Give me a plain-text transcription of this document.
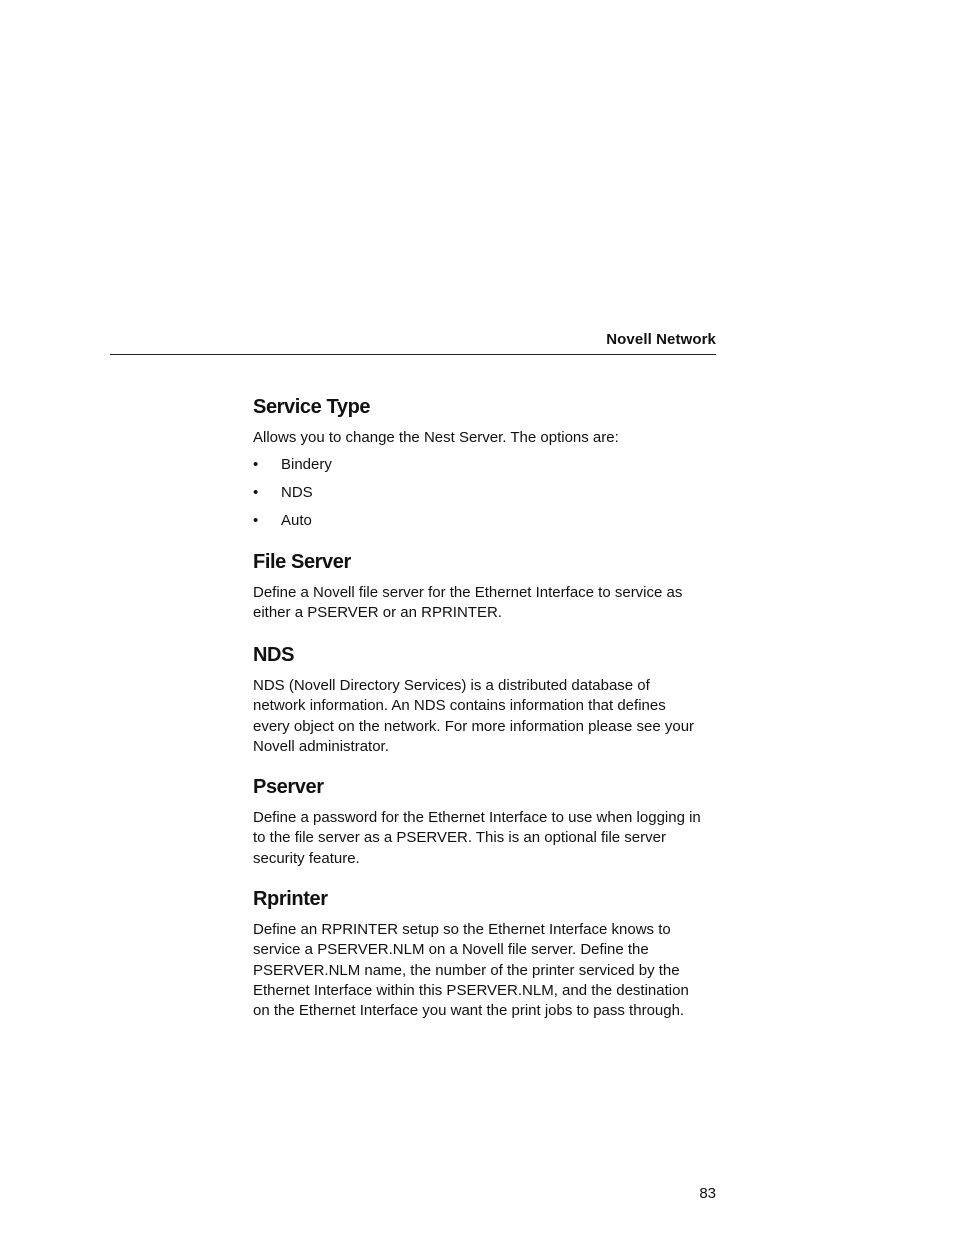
Novell Network
Service Type

Allows you to change the Nest Server. The options are:

• Bindery
• NDS
• Auto
File Server

Define a Novell file server for the Ethernet Interface to service as
either a PSERVER or an RPRINTER.

NDS

NDS (Novell Directory Services) is a distributed database of
network information. An NDS contains information that defines
every object on the network. For more information please see your
Novell administrator.

Pserver

Define a password for the Ethernet Interface to use when logging in
to the file server as a PSERVER. This is an optional file server
security feature.

Rprinter

Define an RPRINTER setup so the Ethernet Interface knows to
service a PSERVER.NLM on a Novell file server. Define the
PSERVER.NLM name, the number of the printer serviced by the
Ethernet Interface within this PSERVER.NLM, and the destination
on the Ethernet Interface you want the print jobs to pass through.

83
